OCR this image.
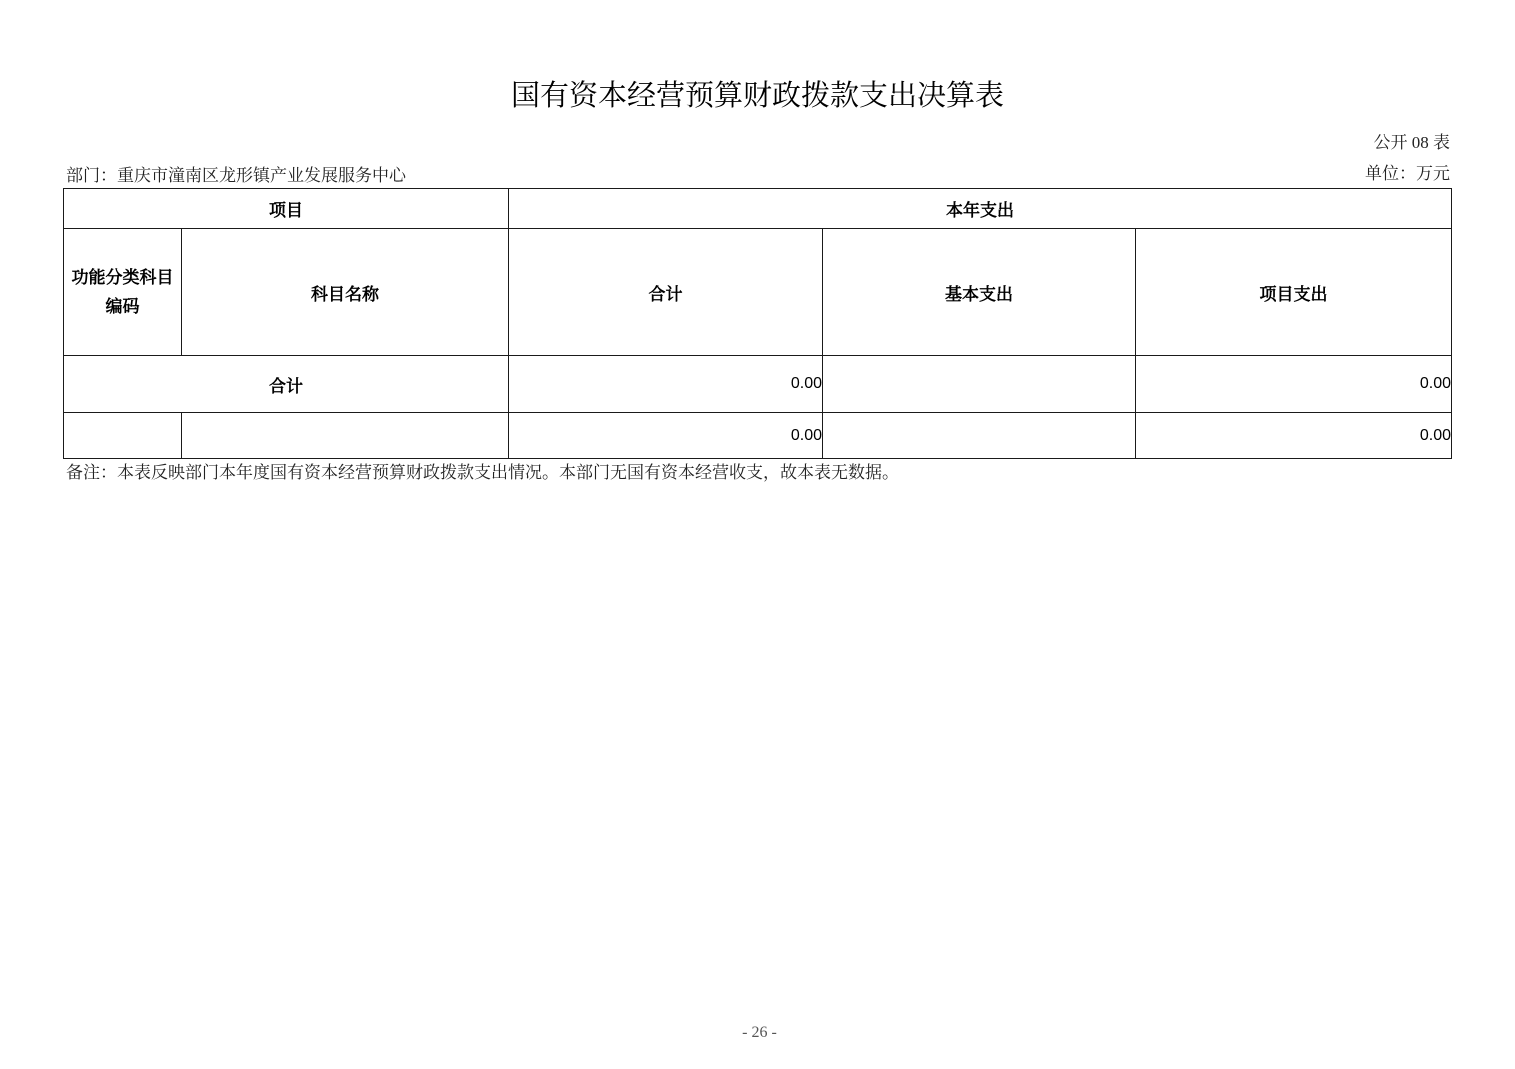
国有资本经营预算财政拨款支出决算表
公开 08 表
部门：重庆市潼南区龙形镇产业发展服务中心	单位：万元
项目		本年支出		
功能分类科目
编码	科目名称	合计	基本支出	项目支出
合计		0.00		0.00
		0.00		0.00
备注：本表反映部门本年度国有资本经营预算财政拨款支出情况。本部门无国有资本经营收支，故本表无数据。
- 26 -
